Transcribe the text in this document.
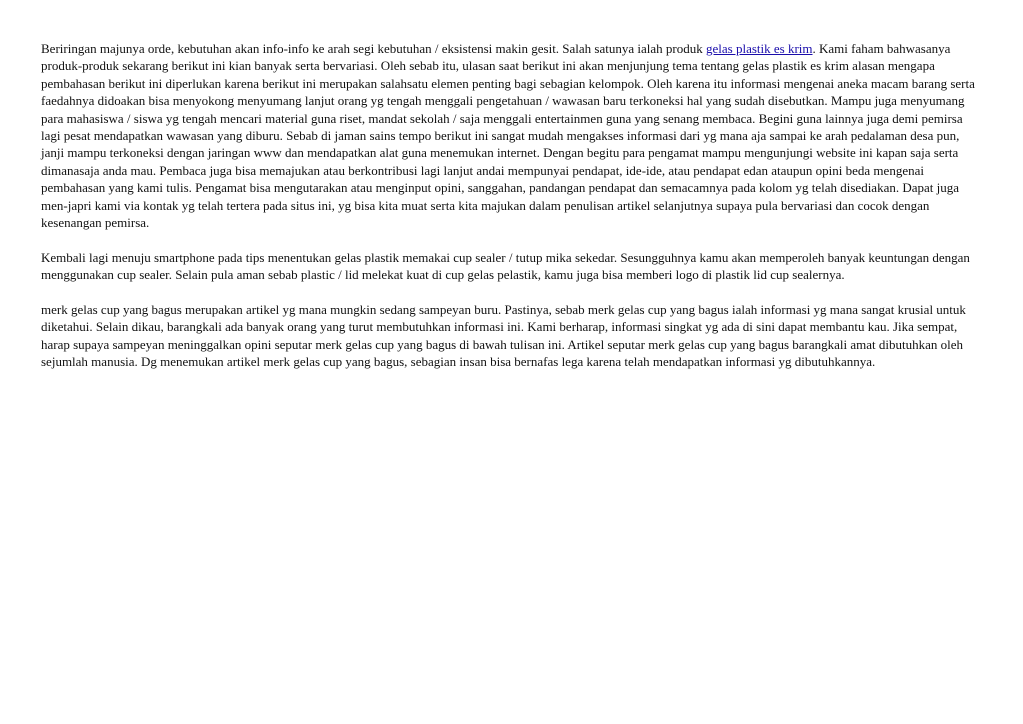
Beriringan majunya orde, kebutuhan akan info-info ke arah segi kebutuhan / eksistensi makin gesit. Salah satunya ialah produk gelas plastik es krim. Kami faham bahwasanya produk-produk sekarang berikut ini kian banyak serta bervariasi. Oleh sebab itu, ulasan saat berikut ini akan menjunjung tema tentang gelas plastik es krim alasan mengapa pembahasan berikut ini diperlukan karena berikut ini merupakan salahsatu elemen penting bagi sebagian kelompok. Oleh karena itu informasi mengenai aneka macam barang serta faedahnya didoakan bisa menyokong menyumang lanjut orang yg tengah menggali pengetahuan / wawasan baru terkoneksi hal yang sudah disebutkan. Mampu juga menyumang para mahasiswa / siswa yg tengah mencari material guna riset, mandat sekolah / saja menggali entertainmen guna yang senang membaca. Begini guna lainnya juga demi pemirsa lagi pesat mendapatkan wawasan yang diburu. Sebab di jaman sains tempo berikut ini sangat mudah mengakses informasi dari yg mana aja sampai ke arah pedalaman desa pun, janji mampu terkoneksi dengan jaringan www dan mendapatkan alat guna menemukan internet. Dengan begitu para pengamat mampu mengunjungi website ini kapan saja serta dimanasaja anda mau. Pembaca juga bisa memajukan atau berkontribusi lagi lanjut andai mempunyai pendapat, ide-ide, atau pendapat edan ataupun opini beda mengenai pembahasan yang kami tulis. Pengamat bisa mengutarakan atau menginput opini, sanggahan, pandangan pendapat dan semacamnya pada kolom yg telah disediakan. Dapat juga men-japri kami via kontak yg telah tertera pada situs ini, yg bisa kita muat serta kita majukan dalam penulisan artikel selanjutnya supaya pula bervariasi dan cocok dengan kesenangan pemirsa.

Kembali lagi menuju smartphone pada tips menentukan gelas plastik memakai cup sealer / tutup mika sekedar. Sesungguhnya kamu akan memperoleh banyak keuntungan dengan menggunakan cup sealer. Selain pula aman sebab plastic / lid melekat kuat di cup gelas pelastik, kamu juga bisa memberi logo di plastik lid cup sealernya.

merk gelas cup yang bagus merupakan artikel yg mana mungkin sedang sampeyan buru. Pastinya, sebab merk gelas cup yang bagus ialah informasi yg mana sangat krusial untuk diketahui. Selain dikau, barangkali ada banyak orang yang turut membutuhkan informasi ini. Kami berharap, informasi singkat yg ada di sini dapat membantu kau. Jika sempat, harap supaya sampeyan meninggalkan opini seputar merk gelas cup yang bagus di bawah tulisan ini. Artikel seputar merk gelas cup yang bagus barangkali amat dibutuhkan oleh sejumlah manusia. Dg menemukan artikel merk gelas cup yang bagus, sebagian insan bisa bernafas lega karena telah mendapatkan informasi yg dibutuhkannya.
